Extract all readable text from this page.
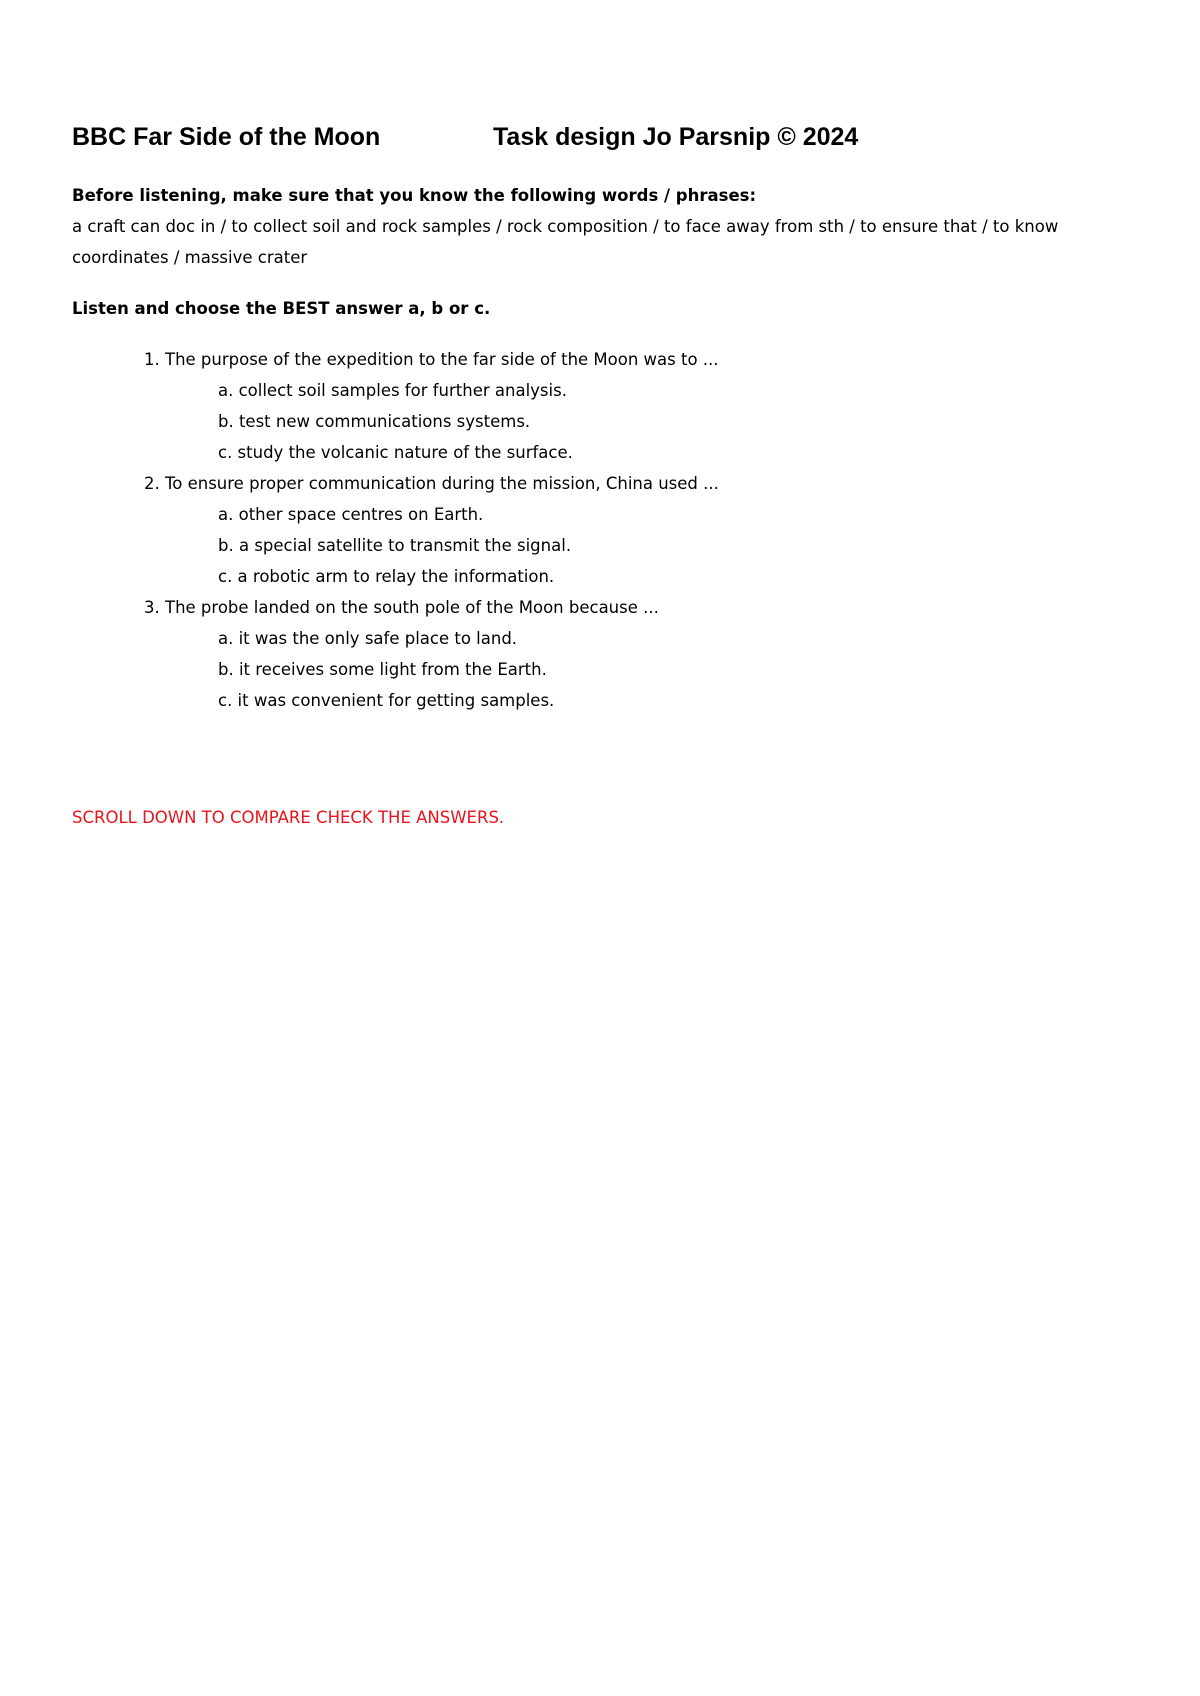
BBC Far Side of the Moon	Task design Jo Parsnip © 2024
Before listening, make sure that you know the following words / phrases:

a craft can doc in / to collect soil and rock samples / rock composition / to face away from sth / to ensure that / to know coordinates / massive crater

Listen and choose the BEST answer a, b or c.
1. The purpose of the expedition to the far side of the Moon was to ...
a. collect soil samples for further analysis.
b. test new communications systems.
c. study the volcanic nature of the surface.
2. To ensure proper communication during the mission, China used ...
a. other space centres on Earth.
b. a special satellite to transmit the signal.
c. a robotic arm to relay the information.
3. The probe landed on the south pole of the Moon because ...
a. it was the only safe place to land.
b. it receives some light from the Earth.
c. it was convenient for getting samples.
SCROLL DOWN TO COMPARE CHECK THE ANSWERS.
